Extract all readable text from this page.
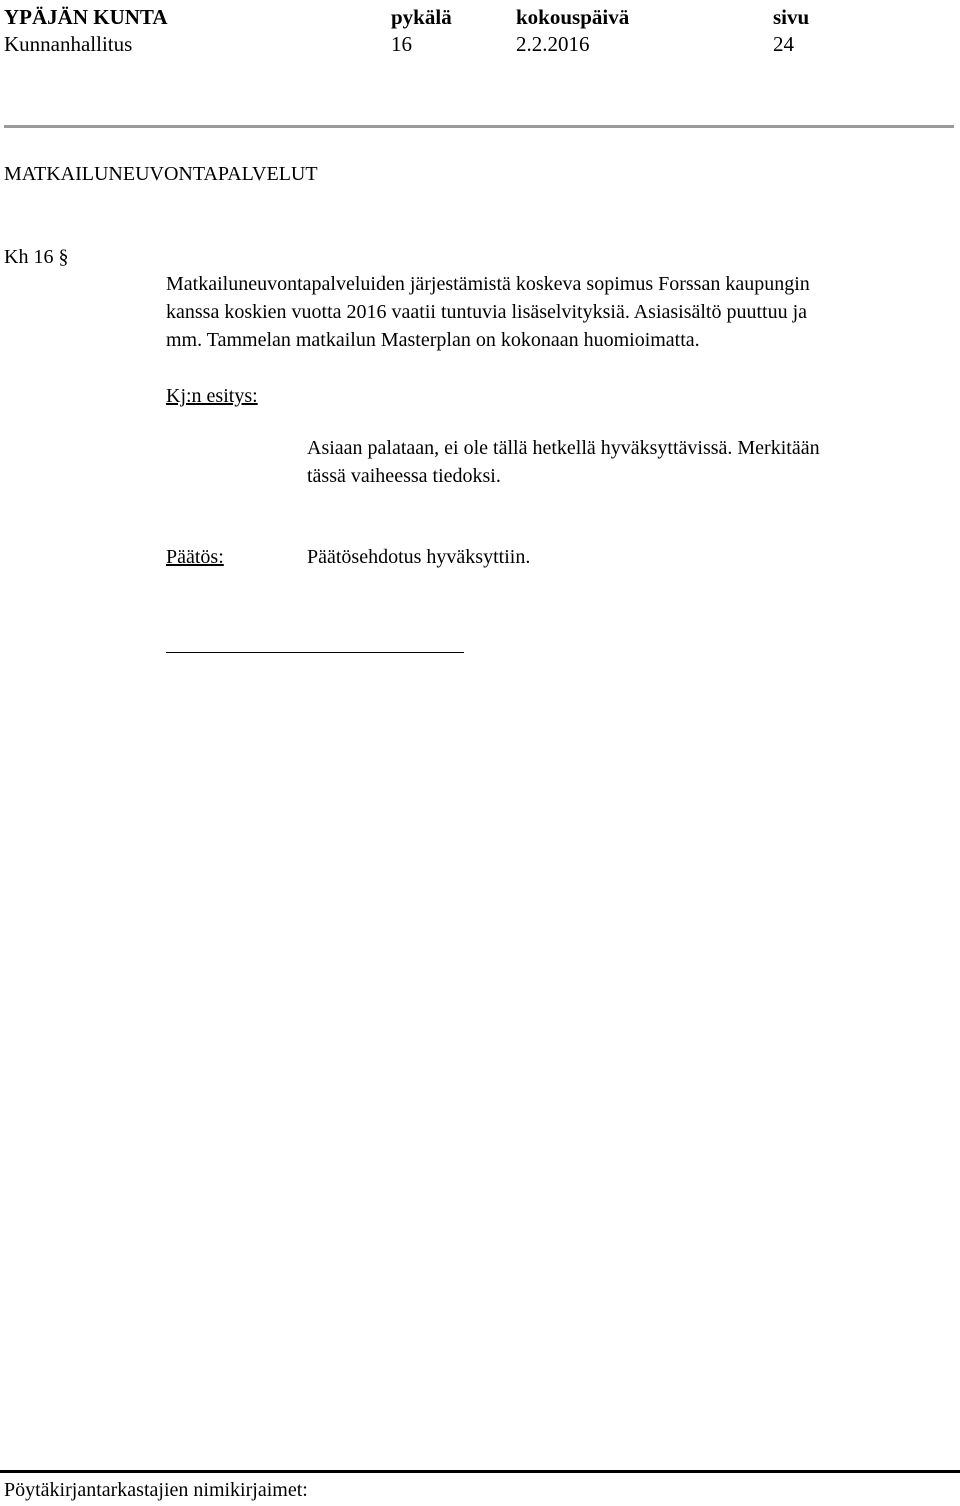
YPÄJÄN KUNTA	pykälä	kokouspäivä	sivu
Kunnanhallitus	16	2.2.2016	24
MATKAILUNEUVONTAPALVELUT
Kh 16 §
Matkailuneuvontapalveluiden järjestämistä koskeva sopimus Forssan kaupungin
kanssa koskien vuotta 2016 vaatii tuntuvia lisäselvityksiä. Asiasisältö puuttuu ja
mm. Tammelan matkailun Masterplan on kokonaan huomioimatta.
Kj:n esitys:
Asiaan palataan, ei ole tällä hetkellä hyväksyttävissä. Merkitään
tässä vaiheessa tiedoksi.
Päätös:	Päätösehdotus hyväksyttiin.
Pöytäkirjantarkastajien nimikirjaimet:
